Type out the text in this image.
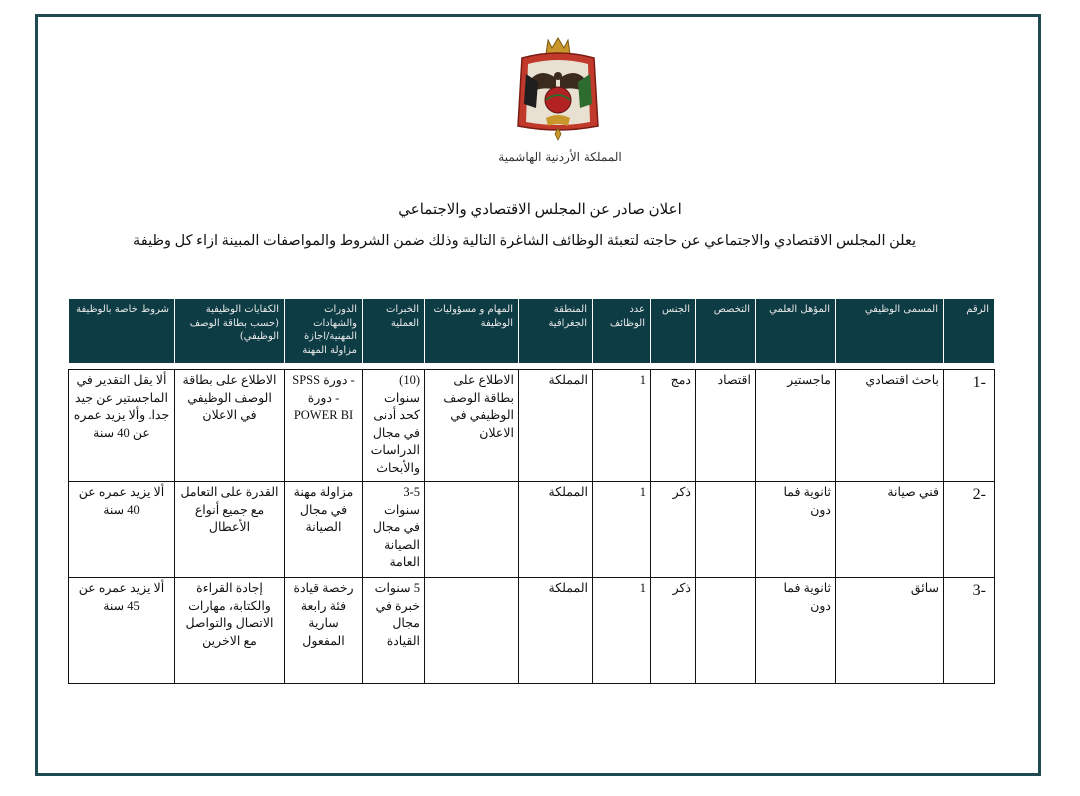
المملكة الأردنية الهاشمية
اعلان صادر عن المجلس الاقتصادي والاجتماعي
يعلن المجلس الاقتصادي والاجتماعي عن حاجته لتعبئة الوظائف الشاغرة التالية وذلك ضمن الشروط والمواصفات المبينة ازاء كل وظيفة
الرقم	المسمى الوظيفي	المؤهل العلمي	التخصص	الجنس	عدد الوظائف	المنطقة الجغرافية	المهام و مسؤوليات الوظيفة	الخبرات العملية	الدورات والشهادات المهنية/اجازة مزاولة المهنة	الكفايات الوظيفية (حسب بطاقة الوصف الوظيفي)	شروط خاصة بالوظيفة

-1	باحث اقتصادي	ماجستير	اقتصاد	دمج	1	المملكة	الاطلاع على بطاقة الوصف الوظيفي في الاعلان	(10) سنوات كحد أدنى في مجال الدراسات والأبحاث	- دورة SPSS - دورة POWER BI	الاطلاع على بطاقة الوصف الوظيفي في الاعلان	ألا يقل التقدير في الماجستير عن جيد جدا. وألا يزيد عمره عن 40 سنة
-2	فني صيانة	ثانوية فما دون		ذكر	1	المملكة		3-5 سنوات في مجال الصيانة العامة	مزاولة مهنة في مجال الصيانة	القدرة على التعامل مع جميع أنواع الأعطال	ألا يزيد عمره عن 40 سنة
-3	سائق	ثانوية فما دون		ذكر	1	المملكة		5 سنوات خبرة في مجال القيادة	رخصة قيادة فئة رابعة سارية المفعول	إجادة القراءة والكتابة، مهارات الاتصال والتواصل مع الاخرين	ألا يزيد عمره عن 45 سنة
